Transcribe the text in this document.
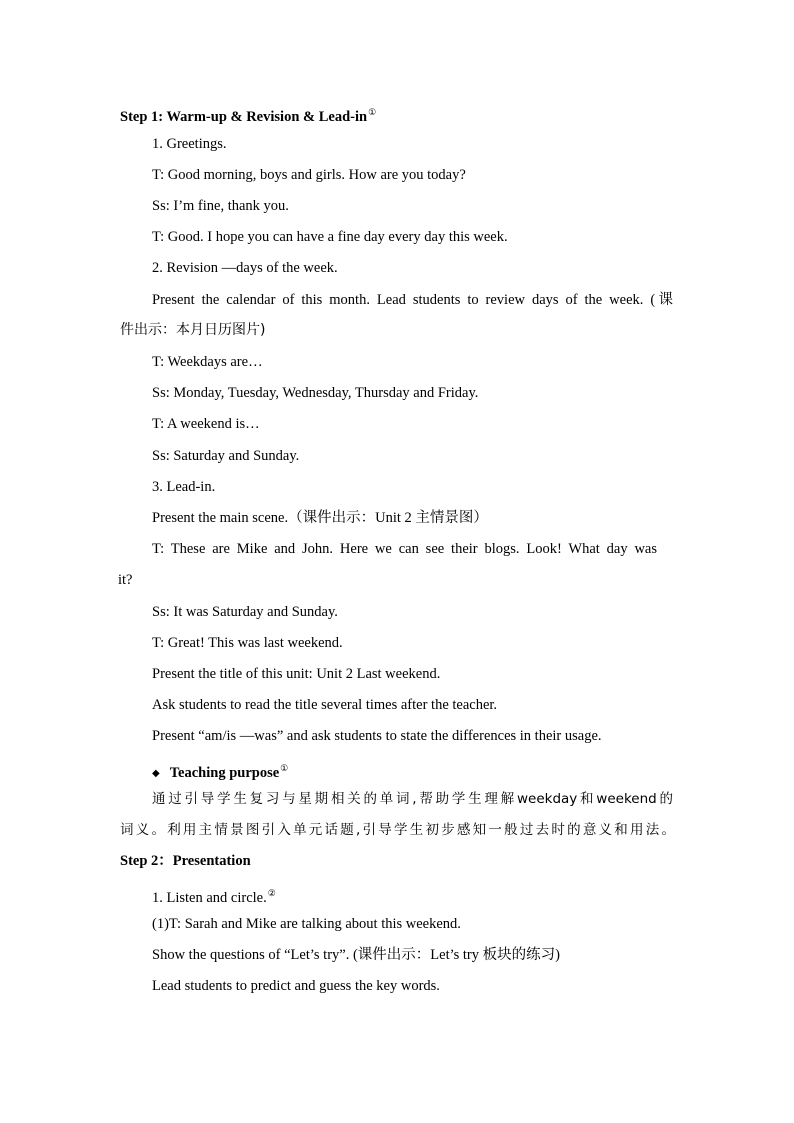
Step 1: Warm-up & Revision & Lead-in①
1. Greetings.
T: Good morning, boys and girls. How are you today?
Ss: I’m fine, thank you.
T: Good. I hope you can have a fine day every day this week.
2. Revision —days of the week.
Present the calendar of this month. Lead students to review days of the week. (课
件出示：本月日历图片)
T: Weekdays are…
Ss: Monday, Tuesday, Wednesday, Thursday and Friday.
T: A weekend is…
Ss: Saturday and Sunday.
3. Lead-in.
Present the main scene.（课件出示：Unit 2 主情景图）
T: These are Mike and John. Here we can see their blogs. Look! What day was
it?
Ss: It was Saturday and Sunday.
T: Great! This was last weekend.
Present the title of this unit: Unit 2 Last weekend.
Ask students to read the title several times after the teacher.
Present “am/is —was” and ask students to state the differences in their usage.
◆ Teaching purpose①
通过引导学生复习与星期相关的单词,帮助学生理解weekday和weekend的
词义。利用主情景图引入单元话题,引导学生初步感知一般过去时的意义和用法。
Step 2：Presentation
1. Listen and circle.②
(1)T: Sarah and Mike are talking about this weekend.
Show the questions of “Let’s try”. (课件出示：Let’s try 板块的练习)
Lead students to predict and guess the key words.
